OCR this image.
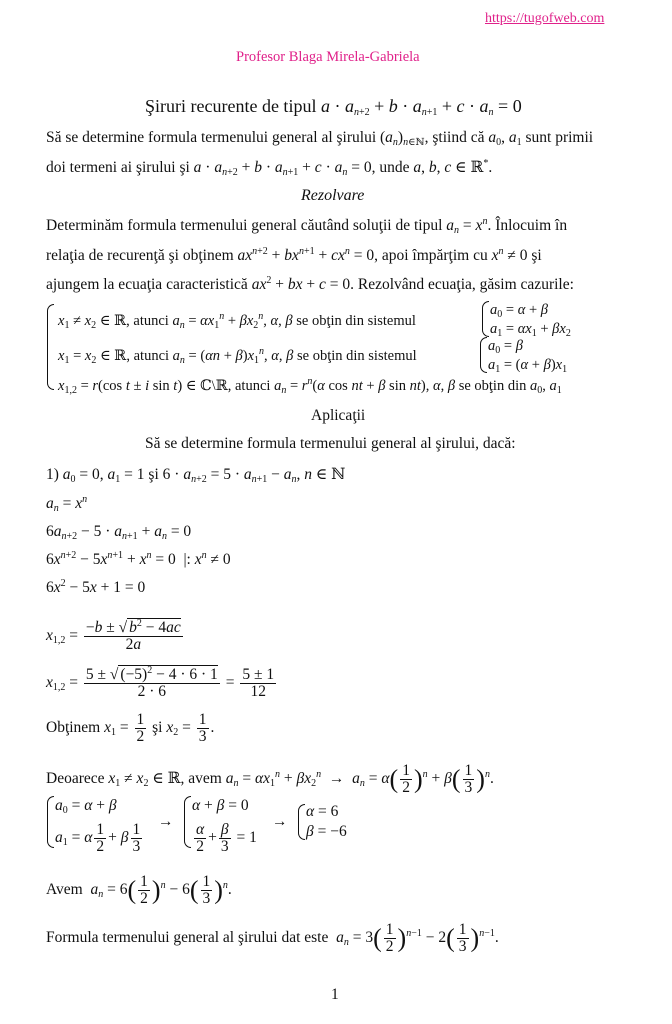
https://tugofweb.com
Profesor Blaga Mirela-Gabriela
Şiruri recurente de tipul $a \cdot a_{n+2} + b \cdot a_{n+1} + c \cdot a_n = 0$
Să se determine formula termenului general al şirului $(a_n)_{n\in ℕ}$, ştiind că $a_0$, $a_1$ sunt primii
doi termeni ai şirului şi $a \cdot a_{n+2} + b \cdot a_{n+1} + c \cdot a_n = 0$, unde a, b, c ∈ ℝ*.
Rezolvare
Determinăm formula termenului general căutând soluţii de tipul $a_n = x^n$. Înlocuim în
relaţia de recurenţă şi obţinem $ax^{n+2} + bx^{n+1} + cx^n = 0$, apoi împărţim cu $x^n \ne 0$ şi
ajungem la ecuaţia caracteristică $ax^2$ + bx + c = 0. Rezolvând ecuaţia, găsim cazurile:
$x_1 \ne x_2$ ∈ ℝ, atunci $a_n = \alpha x_1^n + \beta x_2^n$, α, β se obţin din sistemul
$a_0 = \alpha + \beta$
$a_1 = \alpha x_1 + \beta x_2$
$x_1 = x_2$ ∈ ℝ, atunci $a_n = (\alpha n + \beta)x_1^n$, α, β se obţin din sistemul
$a_0 = \beta$
$a_1 = (\alpha + \beta)x_1$
$x_{1,2} = r(\cos$ t ± i sin t) ∈ ℂ\ℝ, atunci $a_n = r^n(\alpha$ cos nt + β sin nt), α, β se obţin din $a_0$, $a_1$
Aplicaţii
Să se determine formula termenului general al şirului, dacă:
1) $a_0 = 0$, $a_1 = 1$ şi $6 \cdot a_{n+2} = 5 \cdot a_{n+1} - a_n$, n ∈ ℕ
$a_n = x^n$
$6a_{n+2} - 5 \cdot a_{n+1} + a_n = 0$
$6x^{n+2} - 5x^{n+1} + x^n = 0$  |: $x^n \ne 0$
$6x^2 - 5x + 1 = 0$
$x_{1,2} = \frac{-b \pm √ b^2 - 4ac}{2a}$
$x_{1,2} = \frac{5 \pm √ (-5)^2 - 4 \cdot 6 \cdot 1}{2 \cdot 6} = \frac{5 \pm 1}{12}$
Obţinem $x_1 = \frac{1}{2}$ şi $x_2 = \frac{1}{3}$ .
Deoarece $x_1 \ne x_2$ ∈ ℝ, avem $a_n = \alpha x_1^n + \beta x_2^n \to a_n = \alpha( \frac{1}{2} )^n + \beta( \frac{1}{3} )^n$.
$a_0 = \alpha + \beta$
$a_1 = \alpha \frac{1}{2} + \beta \frac{1}{3}$
→
α + β = 0
$\frac{\alpha}{2} + \frac{\beta}{3} = 1$
→
α = 6
β = −6
Avem $a_n = 6( \frac{1}{2} )^n - 6( \frac{1}{3} )^n$.
Formula termenului general al şirului dat este $a_n = 3( \frac{1}{2} )^{n-1} - 2( \frac{1}{3} )^{n-1}$.
1
